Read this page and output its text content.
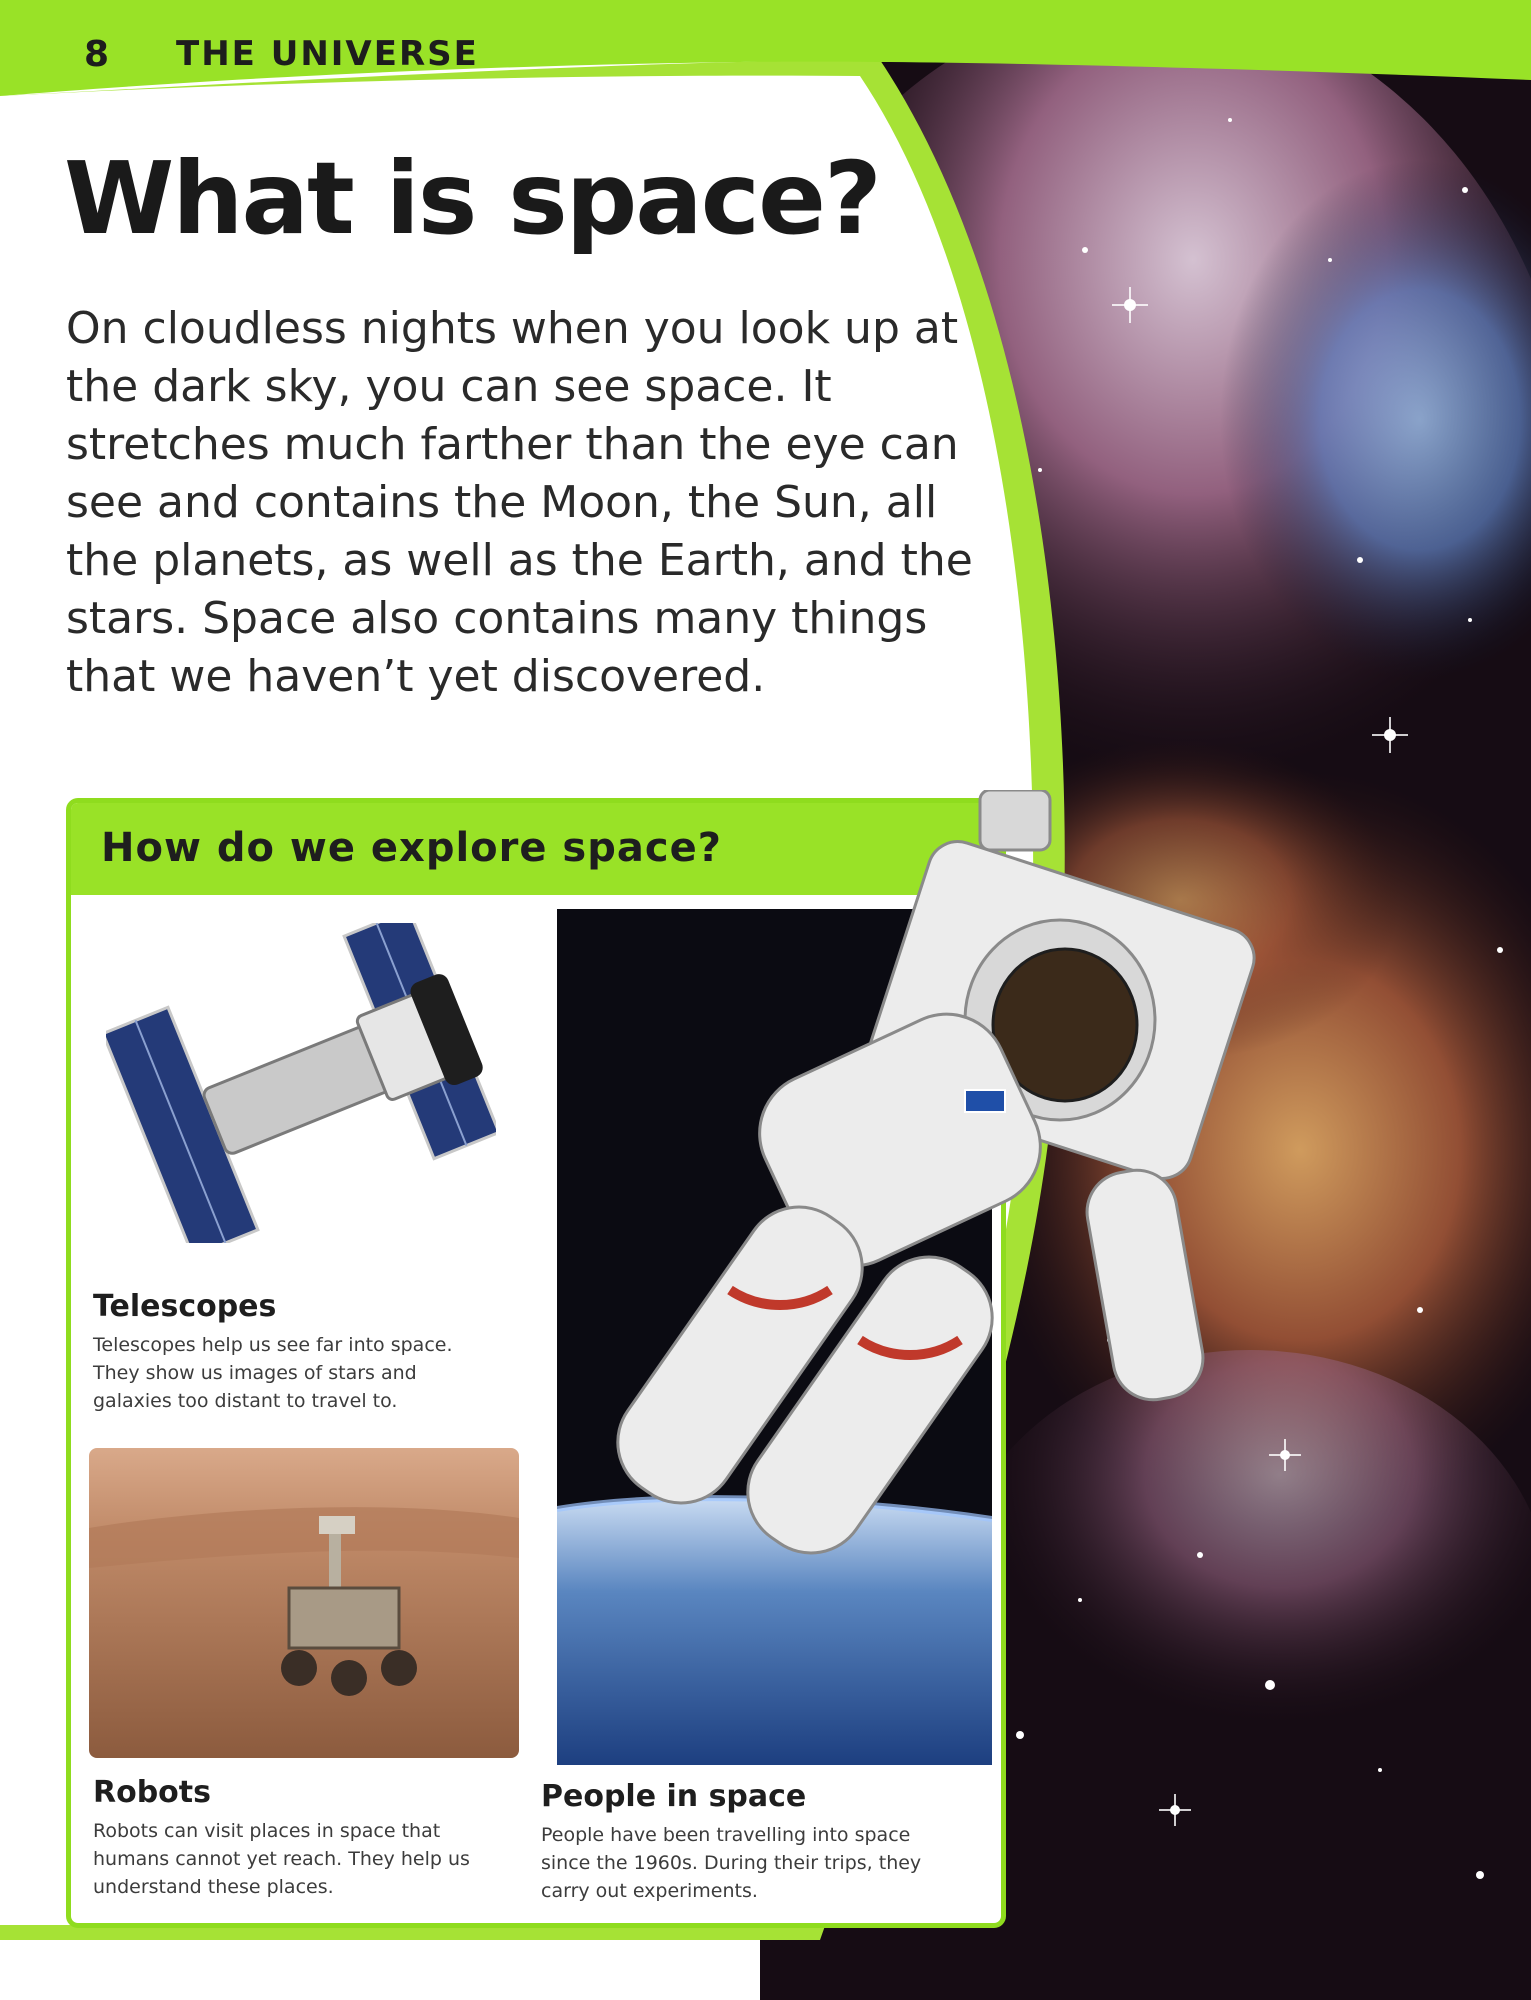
8 THE UNIVERSE
What is space?

On cloudless nights when you look up at the dark sky, you can see space. It stretches much farther than the eye can see and contains the Moon, the Sun, all the planets, as well as the Earth, and the stars. Space also contains many things that we haven’t yet discovered.

How do we explore space?

Telescopes

Telescopes help us see far into space. They show us images of stars and galaxies too distant to travel to.

Robots

Robots can visit places in space that humans cannot yet reach. They help us understand these places.

People in space

People have been travelling into space since the 1960s. During their trips, they carry out experiments.
